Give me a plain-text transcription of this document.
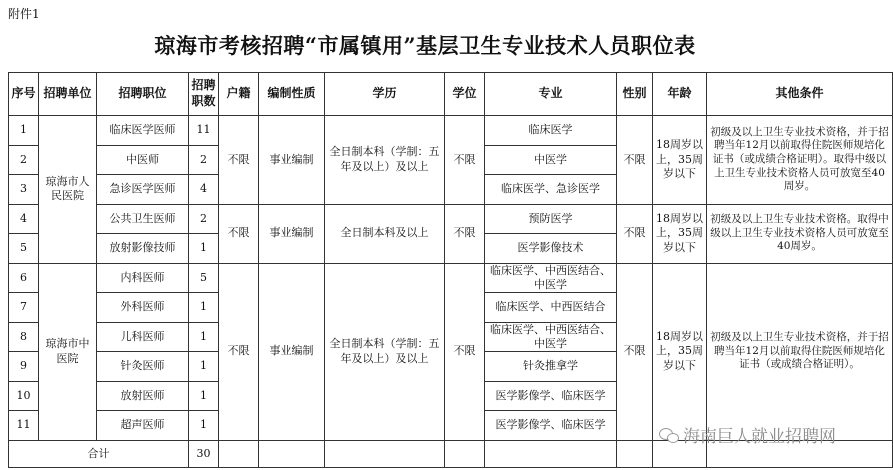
附件1
琼海市考核招聘“市属镇用”基层卫生专业技术人员职位表
序号	招聘单位	招聘职位	招聘
职数	户籍	编制性质	学历	学位	专业	性别	年龄	其他条件
1	琼海市人民医院	临床医学医师	11	不限	事业编制	全日制本科（学制：五年及以上）及以上	不限	临床医学	不限	18周岁以上，35周岁以下	初级及以上卫生专业技术资格，并于招聘当年12月以前取得住院医师规培化证书（或成绩合格证明）。取得中级以上卫生专业技术资格人员可放宽至40周岁。
2		中医师	2					中医学			
3		急诊医学医师	4					临床医学、急诊医学			
4		公共卫生医师	2	不限	事业编制	全日制本科及以上	不限	预防医学	不限	18周岁以上，35周岁以下	初级及以上卫生专业技术资格。取得中级以上卫生专业技术资格人员可放宽至40周岁。
5		放射影像技师	1					医学影像技术			
6	琼海市中医院	内科医师	5	不限	事业编制	全日制本科（学制：五年及以上）及以上	不限	临床医学、中西医结合、中医学	不限	18周岁以上，35周岁以下	初级及以上卫生专业技术资格，并于招聘当年12月以前取得住院医师规培化证书（或成绩合格证明）。
7		外科医师	1					临床医学、中西医结合			
8		儿科医师	1					临床医学、中西医结合、中医学			
9		针灸医师	1					针灸推拿学			
10		放射医师	1					医学影像学、临床医学			
11		超声医师	1					医学影像学、临床医学			
合计			30								
海南巨人就业招聘网
